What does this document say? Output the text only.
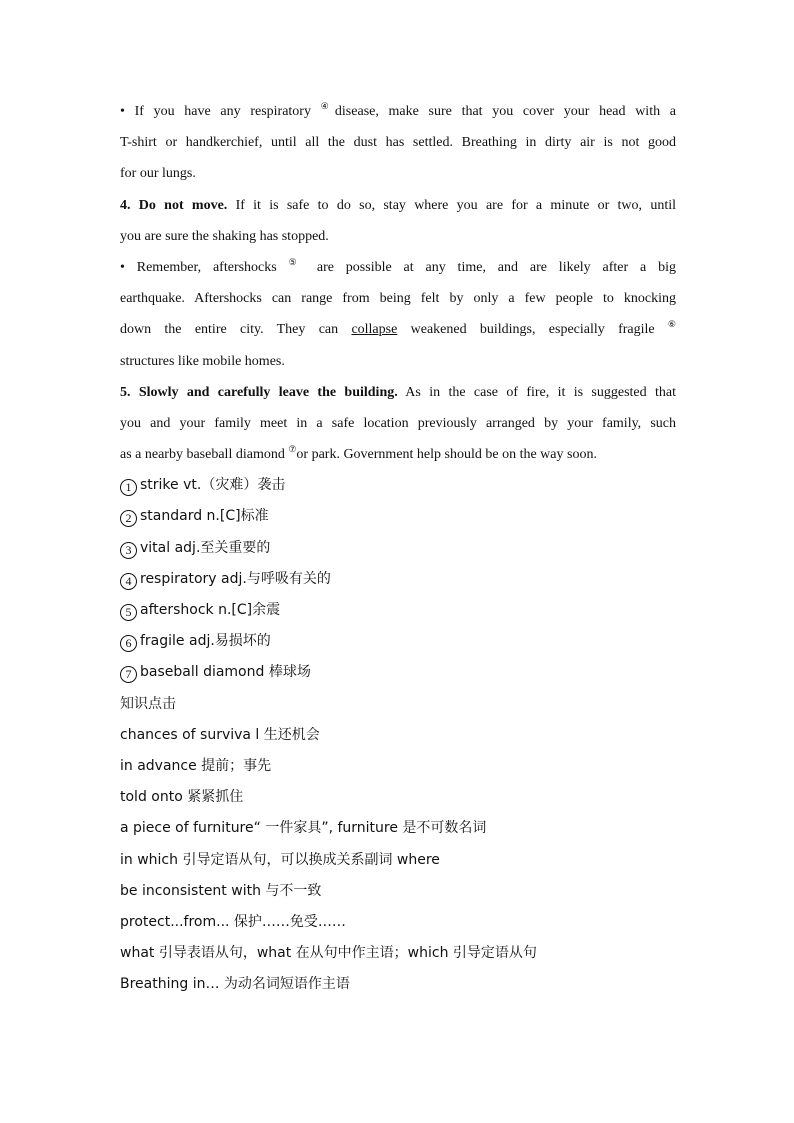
• If you have any respiratory ④disease, make sure that you cover your head with a
T-shirt or handkerchief, until all the dust has settled. Breathing in dirty air is not good
for our lungs.
4. Do not move. If it is safe to do so, stay where you are for a minute or two, until
you are sure the shaking has stopped.
• Remember, aftershocks ⑤ are possible at any time, and are likely after a big
earthquake. Aftershocks can range from being felt by only a few people to knocking
down the entire city. They can collapse weakened buildings, especially fragile ⑥
structures like mobile homes.
5. Slowly and carefully leave the building. As in the case of fire, it is suggested that
you and your family meet in a safe location previously arranged by your family, such
as a nearby baseball diamond ⑦or park. Government help should be on the way soon.
1 strike vt.（灾难）袭击
2 standard n.[C]标准
3 vital adj.至关重要的
4 respiratory adj.与呼吸有关的
5 aftershock n.[C]余震
6 fragile adj.易损坏的
7 baseball diamond 棒球场
知识点击
chances of surviva l 生还机会
in advance 提前；事先
told onto 紧紧抓住
a piece of furniture“ 一件家具”, furniture 是不可数名词
in which 引导定语从句，可以换成关系副词 where
be inconsistent with 与不一致
protect...from... 保护……免受……
what 引导表语从句，what 在从句中作主语；which 引导定语从句
Breathing in… 为动名词短语作主语
